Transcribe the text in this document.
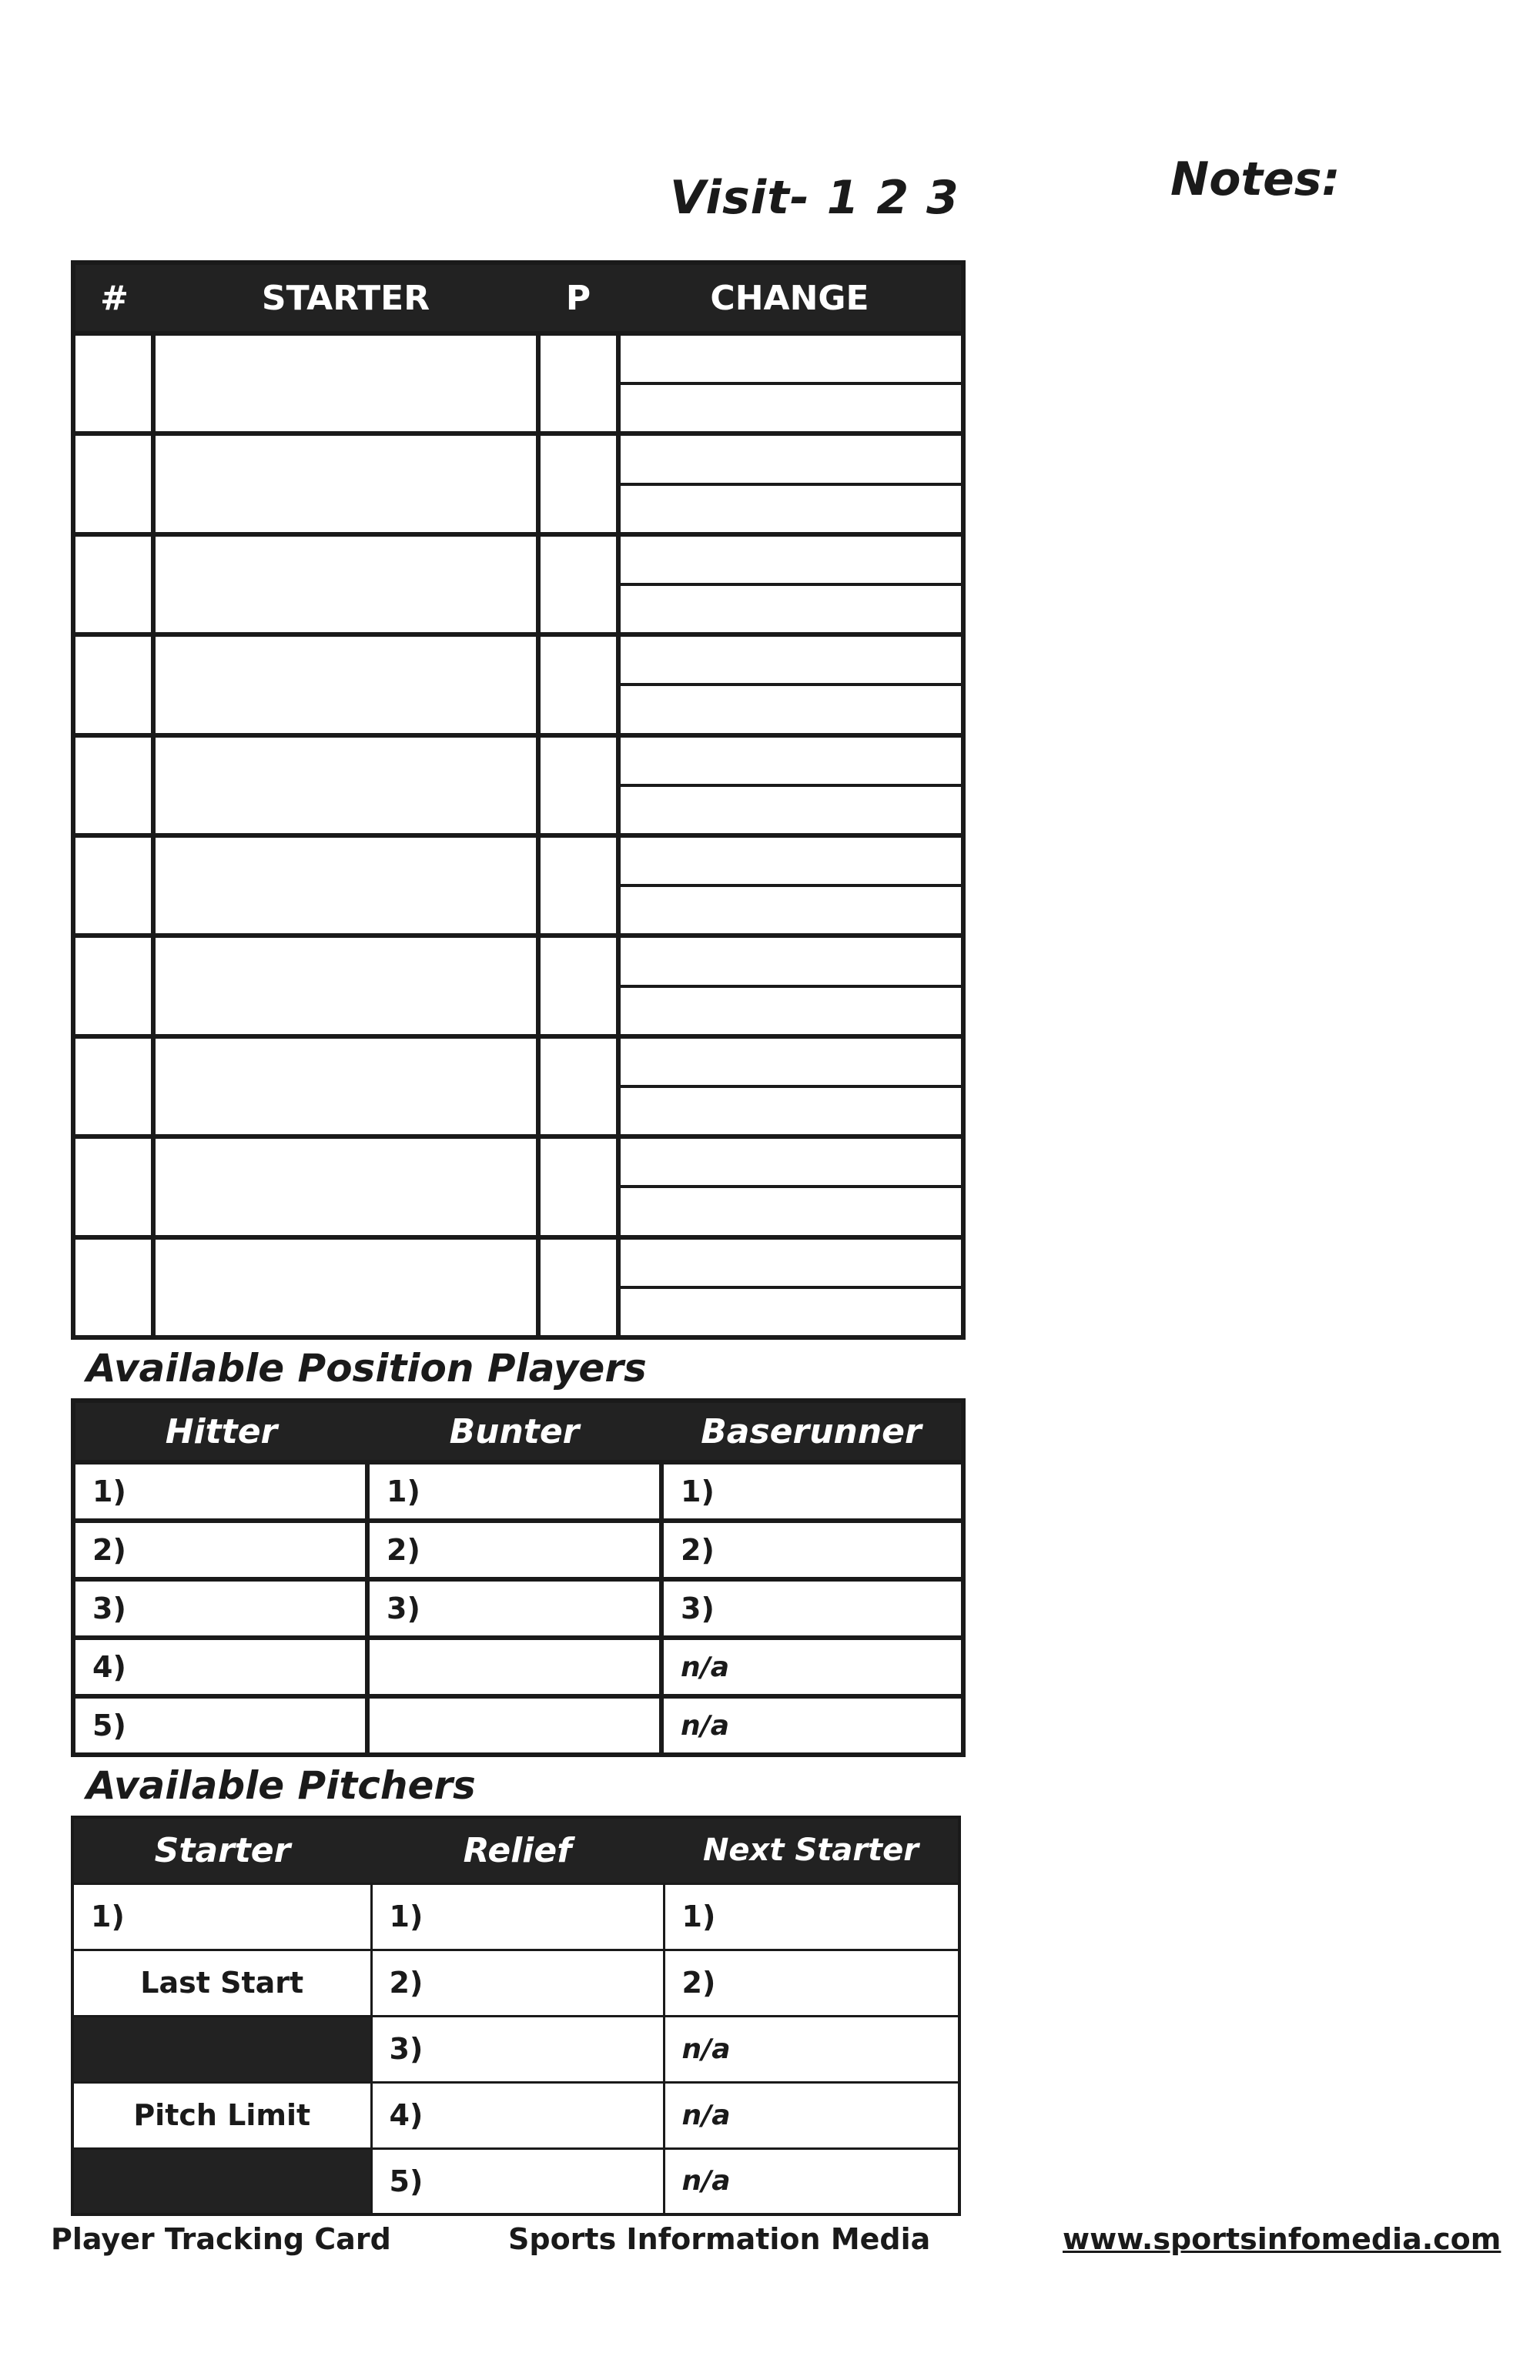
Visit- 1 2 3	Notes:
#	STARTER	P	CHANGE

Available Position Players
Hitter	Bunter	Baserunner
1)	1)	1)
2)	2)	2)
3)	3)	3)
4)		n/a
5)		n/a
Available Pitchers
Starter	Relief	Next Starter
1)	1)	1)
Last Start	2)	2)
	3)	n/a
Pitch Limit	4)	n/a
	5)	n/a
Player Tracking Card	Sports Information Media	www.sportsinfomedia.com
